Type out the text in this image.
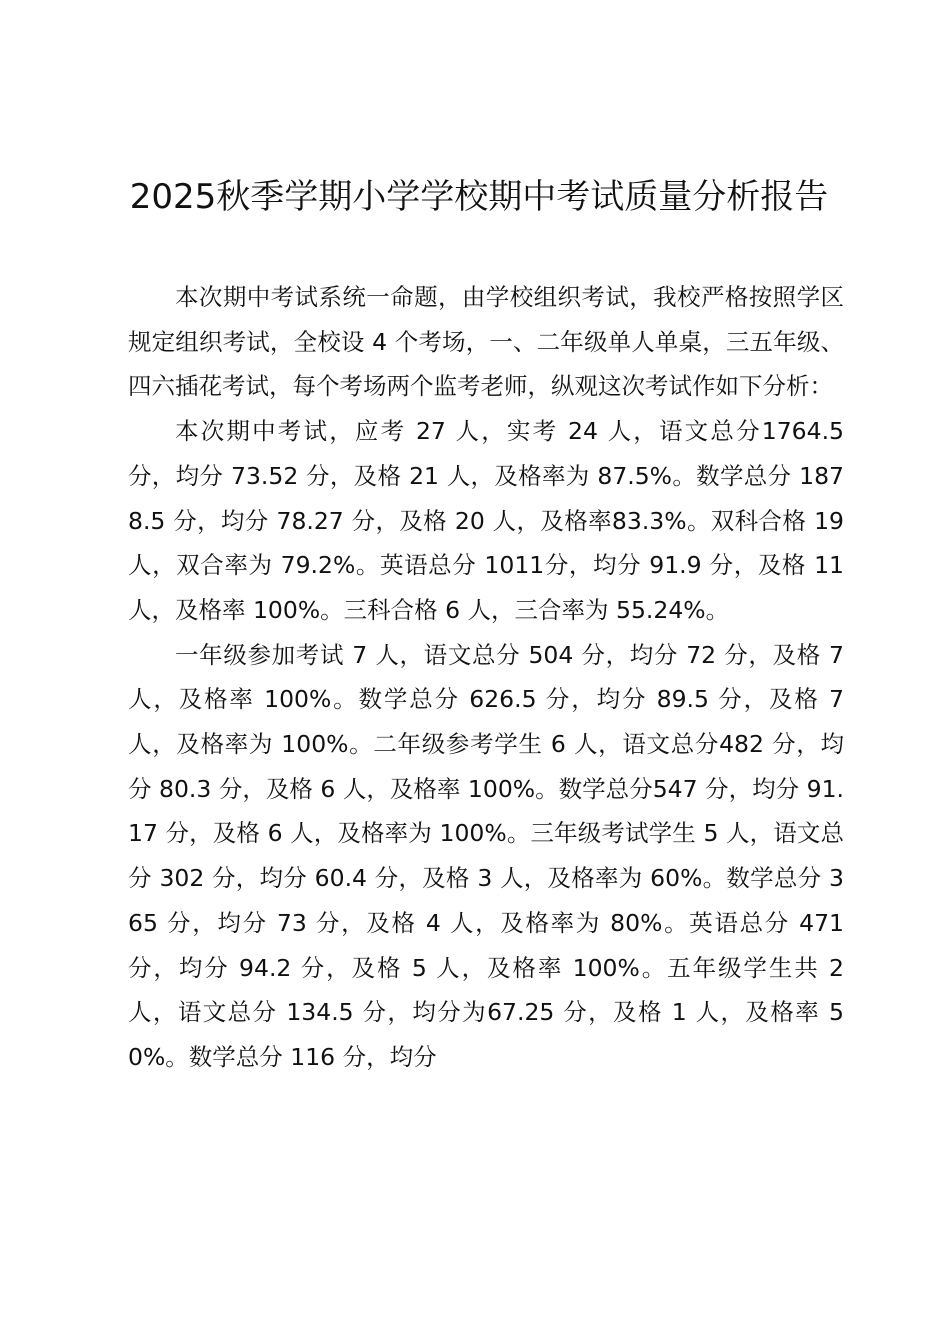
2025秋季学期小学学校期中考试质量分析报告

本次期中考试系统一命题，由学校组织考试，我校严格按照学区规定组织考试，全校设 4 个考场，一、二年级单人单桌，三五年级、四六插花考试，每个考场两个监考老师，纵观这次考试作如下分析：

本次期中考试，应考 27 人，实考 24 人，语文总分1764.5 分，均分 73.52 分，及格 21 人，及格率为 87.5%。数学总分 1878.5 分，均分 78.27 分，及格 20 人，及格率83.3%。双科合格 19 人，双合率为 79.2%。英语总分 1011分，均分 91.9 分，及格 11 人，及格率 100%。三科合格 6 人，三合率为 55.24%。

一年级参加考试 7 人，语文总分 504 分，均分 72 分，及格 7 人，及格率 100%。数学总分 626.5 分，均分 89.5 分，及格 7 人，及格率为 100%。二年级参考学生 6 人，语文总分482 分，均分 80.3 分，及格 6 人，及格率 100%。数学总分547 分，均分 91.17 分，及格 6 人，及格率为 100%。三年级考试学生 5 人，语文总分 302 分，均分 60.4 分，及格 3 人，及格率为 60%。数学总分 365 分，均分 73 分，及格 4 人，及格率为 80%。英语总分 471 分，均分 94.2 分，及格 5 人，及格率 100%。五年级学生共 2 人，语文总分 134.5 分，均分为67.25 分，及格 1 人，及格率 50%。数学总分 116 分，均分
